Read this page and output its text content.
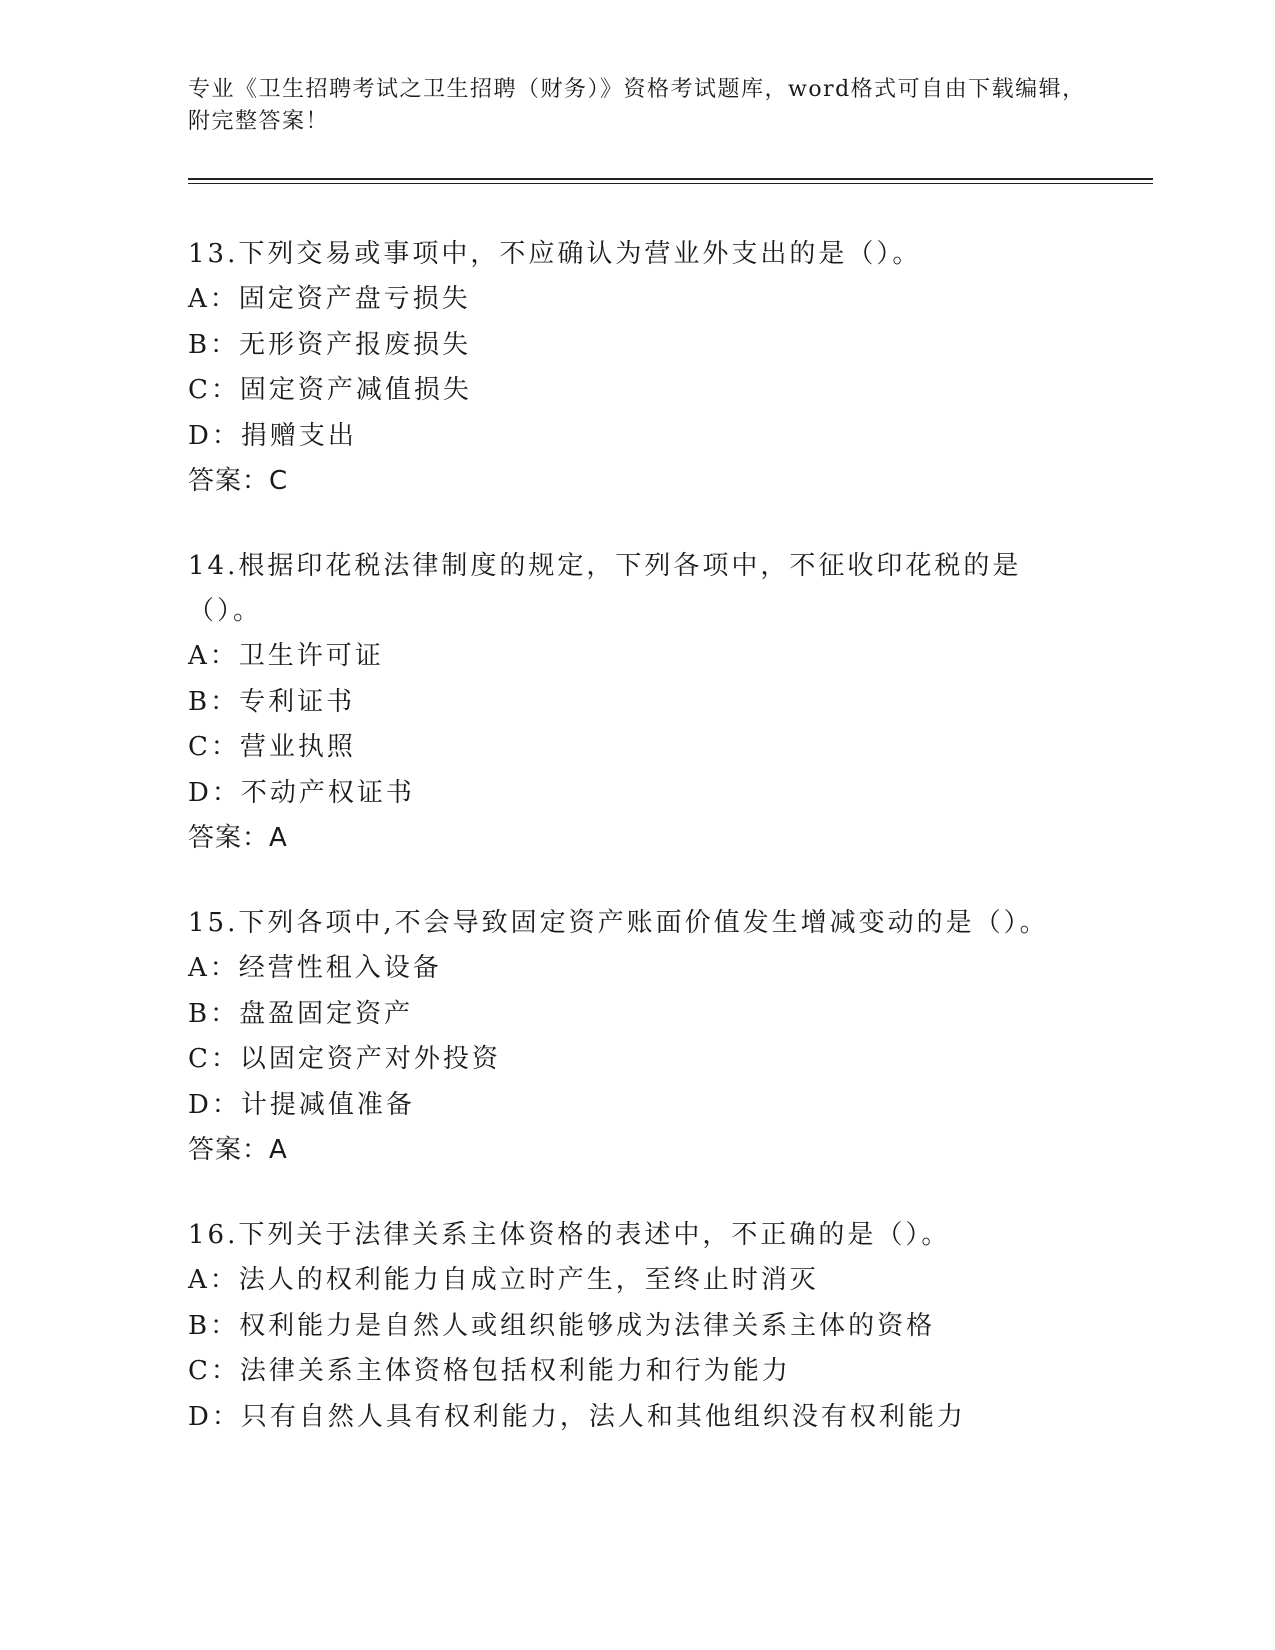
专业《卫生招聘考试之卫生招聘（财务）》资格考试题库，word格式可自由下载编辑，附完整答案！
13.下列交易或事项中，不应确认为营业外支出的是（）。
A：固定资产盘亏损失
B：无形资产报废损失
C：固定资产减值损失
D：捐赠支出
答案：C
14.根据印花税法律制度的规定，下列各项中，不征收印花税的是（）。
A：卫生许可证
B：专利证书
C：营业执照
D：不动产权证书
答案：A
15.下列各项中,不会导致固定资产账面价值发生增减变动的是（）。
A：经营性租入设备
B：盘盈固定资产
C：以固定资产对外投资
D：计提减值准备
答案：A
16.下列关于法律关系主体资格的表述中，不正确的是（）。
A：法人的权利能力自成立时产生，至终止时消灭
B：权利能力是自然人或组织能够成为法律关系主体的资格
C：法律关系主体资格包括权利能力和行为能力
D：只有自然人具有权利能力，法人和其他组织没有权利能力
